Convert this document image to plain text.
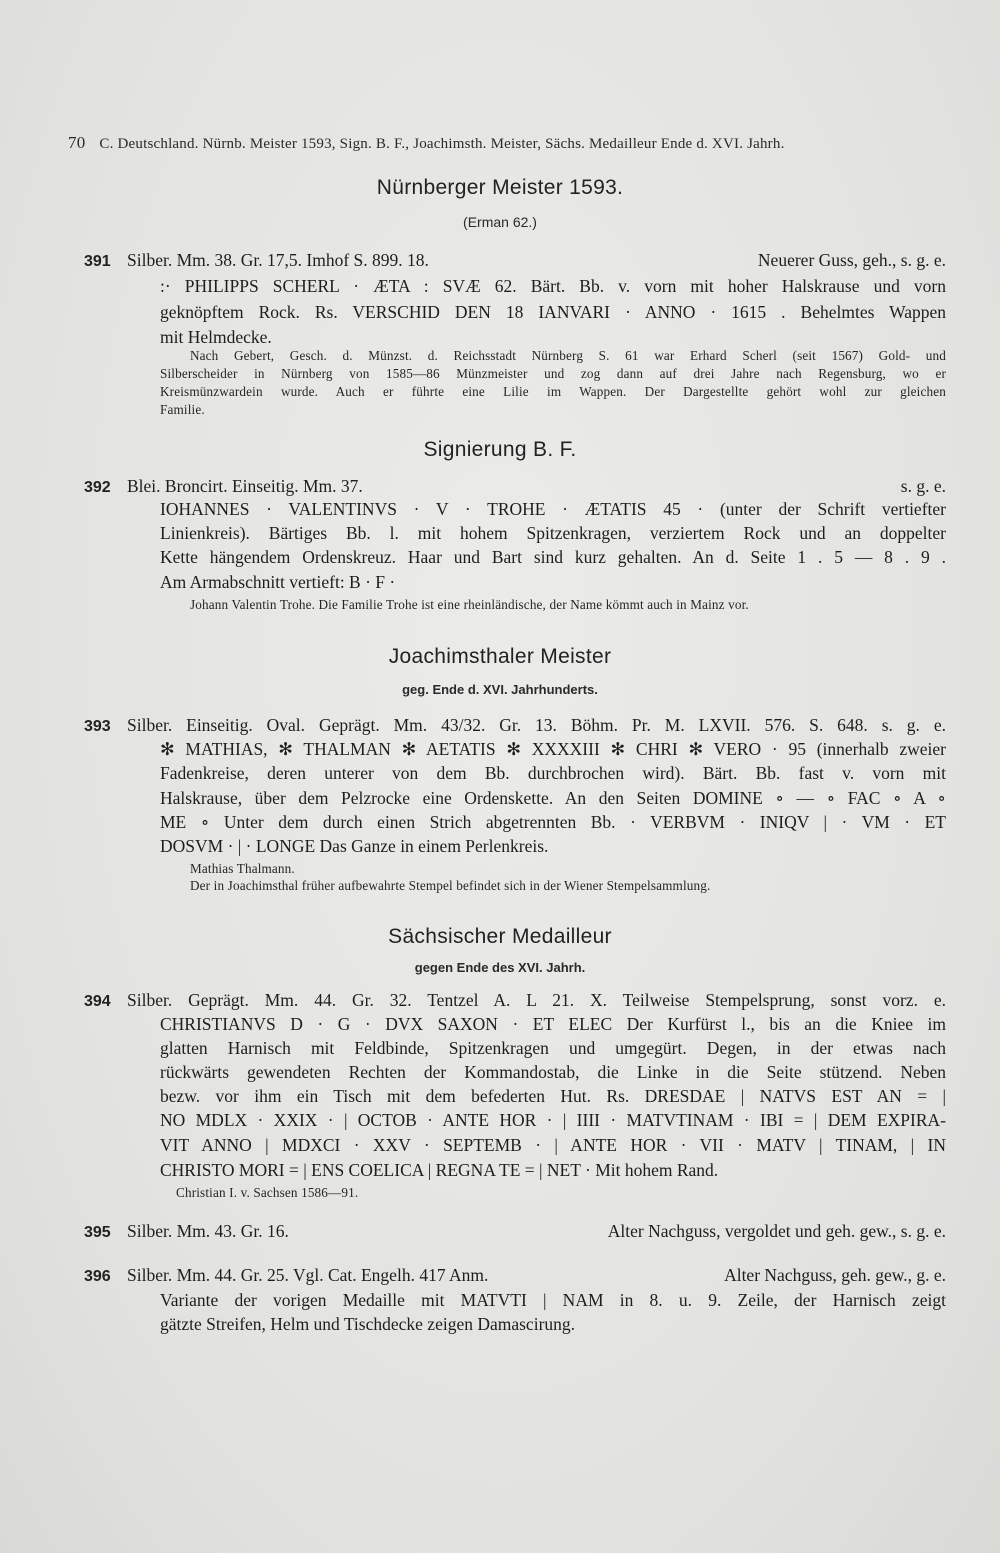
70 C. Deutschland. Nürnb. Meister 1593, Sign. B. F., Joachimsth. Meister, Sächs. Medailleur Ende d. XVI. Jahrh.
Nürnberger Meister 1593.
(Erman 62.)
391 Silber. Mm. 38. Gr. 17,5. Imhof S. 899. 18.	Neuerer Guss, geh., s. g. e.
:· PHILIPPS SCHERL · ÆTA : SVÆ 62. Bärt. Bb. v. vorn mit hoher Halskrause und vorn
geknöpftem Rock. Rs. VERSCHID DEN 18 IANVARI · ANNO · 1615 . Behelmtes Wappen
mit Helmdecke.
Nach Gebert, Gesch. d. Münzst. d. Reichsstadt Nürnberg S. 61 war Erhard Scherl (seit 1567) Gold- und
Silberscheider in Nürnberg von 1585—86 Münzmeister und zog dann auf drei Jahre nach Regensburg, wo er
Kreismünzwardein wurde. Auch er führte eine Lilie im Wappen. Der Dargestellte gehört wohl zur gleichen
Familie.
Signierung B. F.
392 Blei. Broncirt. Einseitig. Mm. 37.	s. g. e.
IOHANNES · VALENTINVS · V · TROHE · ÆTATIS 45 · (unter der Schrift vertiefter
Linienkreis). Bärtiges Bb. l. mit hohem Spitzenkragen, verziertem Rock und an doppelter
Kette hängendem Ordenskreuz. Haar und Bart sind kurz gehalten. An d. Seite 1 . 5 — 8 . 9 .
Am Armabschnitt vertieft: B · F ·
Johann Valentin Trohe. Die Familie Trohe ist eine rheinländische, der Name kömmt auch in Mainz vor.
Joachimsthaler Meister
geg. Ende d. XVI. Jahrhunderts.
393 Silber. Einseitig. Oval. Geprägt. Mm. 43/32. Gr. 13. Böhm. Pr. M. LXVII. 576. S. 648. s. g. e.
✻ MATHIAS, ✻ THALMAN ✻ AETATIS ✻ XXXXIII ✻ CHRI ✻ VERO · 95 (innerhalb zweier
Fadenkreise, deren unterer von dem Bb. durchbrochen wird). Bärt. Bb. fast v. vorn mit
Halskrause, über dem Pelzrocke eine Ordenskette. An den Seiten DOMINE ∘ — ∘ FAC ∘ A ∘
ME ∘ Unter dem durch einen Strich abgetrennten Bb. · VERBVM · INIQV | · VM · ET
DOSVM · | · LONGE Das Ganze in einem Perlenkreis.
Mathias Thalmann.
Der in Joachimsthal früher aufbewahrte Stempel befindet sich in der Wiener Stempelsammlung.
Sächsischer Medailleur
gegen Ende des XVI. Jahrh.
394 Silber. Geprägt. Mm. 44. Gr. 32. Tentzel A. L 21. X. Teilweise Stempelsprung, sonst vorz. e.
CHRISTIANVS D · G · DVX SAXON · ET ELEC Der Kurfürst l., bis an die Kniee im
glatten Harnisch mit Feldbinde, Spitzenkragen und umgegürt. Degen, in der etwas nach
rückwärts gewendeten Rechten der Kommandostab, die Linke in die Seite stützend. Neben
bezw. vor ihm ein Tisch mit dem befederten Hut. Rs. DRESDAE | NATVS EST AN = |
NO MDLX · XXIX · | OCTOB · ANTE HOR · | IIII · MATVTINAM · IBI = | DEM EXPIRA-
VIT ANNO | MDXCI · XXV · SEPTEMB · | ANTE HOR · VII · MATV | TINAM, | IN
CHRISTO MORI = | ENS COELICA | REGNA TE = | NET · Mit hohem Rand.
Christian I. v. Sachsen 1586—91.
395 Silber. Mm. 43. Gr. 16.	Alter Nachguss, vergoldet und geh. gew., s. g. e.
396 Silber. Mm. 44. Gr. 25. Vgl. Cat. Engelh. 417 Anm.	Alter Nachguss, geh. gew., g. e.
Variante der vorigen Medaille mit MATVTI | NAM in 8. u. 9. Zeile, der Harnisch zeigt
gätzte Streifen, Helm und Tischdecke zeigen Damascirung.
